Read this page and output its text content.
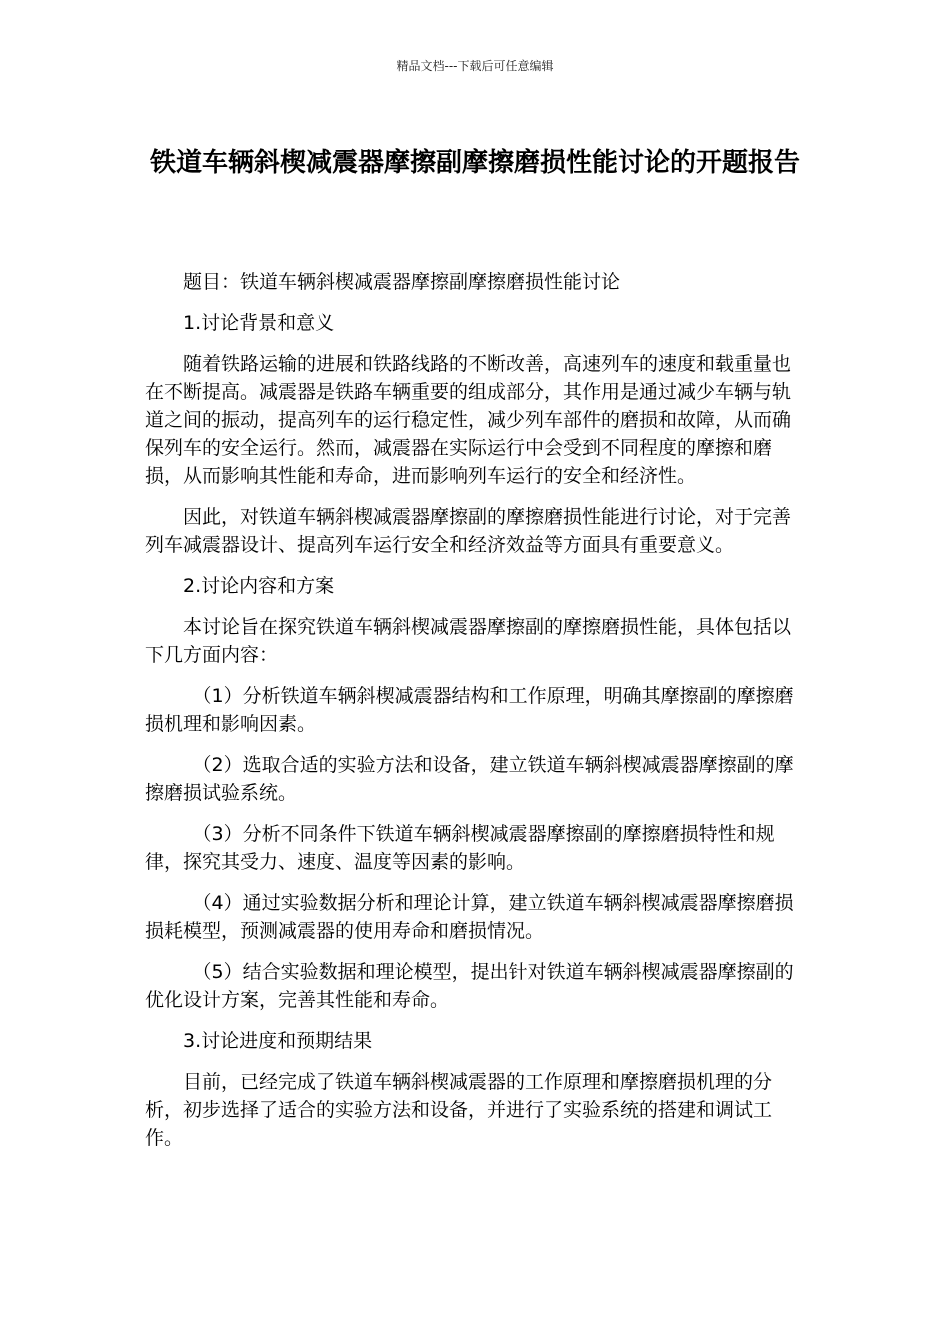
精品文档---下载后可任意编辑
铁道车辆斜楔减震器摩擦副摩擦磨损性能讨论的开题报告

题目：铁道车辆斜楔减震器摩擦副摩擦磨损性能讨论

1.讨论背景和意义

随着铁路运输的进展和铁路线路的不断改善，高速列车的速度和载重量也在不断提高。减震器是铁路车辆重要的组成部分，其作用是通过减少车辆与轨道之间的振动，提高列车的运行稳定性，减少列车部件的磨损和故障，从而确保列车的安全运行。然而，减震器在实际运行中会受到不同程度的摩擦和磨损，从而影响其性能和寿命，进而影响列车运行的安全和经济性。

因此，对铁道车辆斜楔减震器摩擦副的摩擦磨损性能进行讨论，对于完善列车减震器设计、提高列车运行安全和经济效益等方面具有重要意义。

2.讨论内容和方案

本讨论旨在探究铁道车辆斜楔减震器摩擦副的摩擦磨损性能，具体包括以下几方面内容：

（1）分析铁道车辆斜楔减震器结构和工作原理，明确其摩擦副的摩擦磨损机理和影响因素。

（2）选取合适的实验方法和设备，建立铁道车辆斜楔减震器摩擦副的摩擦磨损试验系统。

（3）分析不同条件下铁道车辆斜楔减震器摩擦副的摩擦磨损特性和规律，探究其受力、速度、温度等因素的影响。

（4）通过实验数据分析和理论计算，建立铁道车辆斜楔减震器摩擦磨损损耗模型，预测减震器的使用寿命和磨损情况。

（5）结合实验数据和理论模型，提出针对铁道车辆斜楔减震器摩擦副的优化设计方案，完善其性能和寿命。

3.讨论进度和预期结果

目前，已经完成了铁道车辆斜楔减震器的工作原理和摩擦磨损机理的分析，初步选择了适合的实验方法和设备，并进行了实验系统的搭建和调试工作。
